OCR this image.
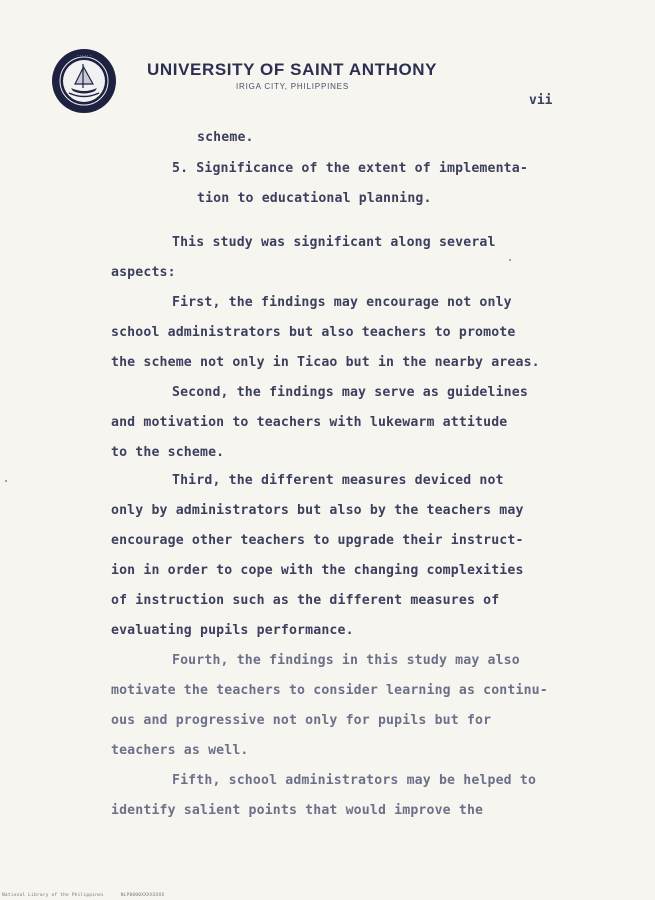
· · · · · ·
UNIVERSITY OF SAINT ANTHONY
IRIGA CITY, PHILIPPINES
vii
scheme.
5. Significance of the extent of implementa-
tion to educational planning.
This study was significant along several
aspects:
First, the findings may encourage not only
school administrators but also teachers to promote
the scheme not only in Ticao but in the nearby areas.
Second, the findings may serve as guidelines
and motivation to teachers with lukewarm attitude
to the scheme.
Third, the different measures deviced not
only by administrators but also by the teachers may
encourage other teachers to upgrade their instruct-
ion in order to cope with the changing complexities
of instruction such as the different measures of
evaluating pupils performance.
Fourth, the findings in this study may also
motivate the teachers to consider learning as continu-
ous and progressive not only for pupils but for
teachers as well.
Fifth, school administrators may be helped to
identify salient points that would improve the
National Library of the Philippines	NLP0000XXXXXXXX
